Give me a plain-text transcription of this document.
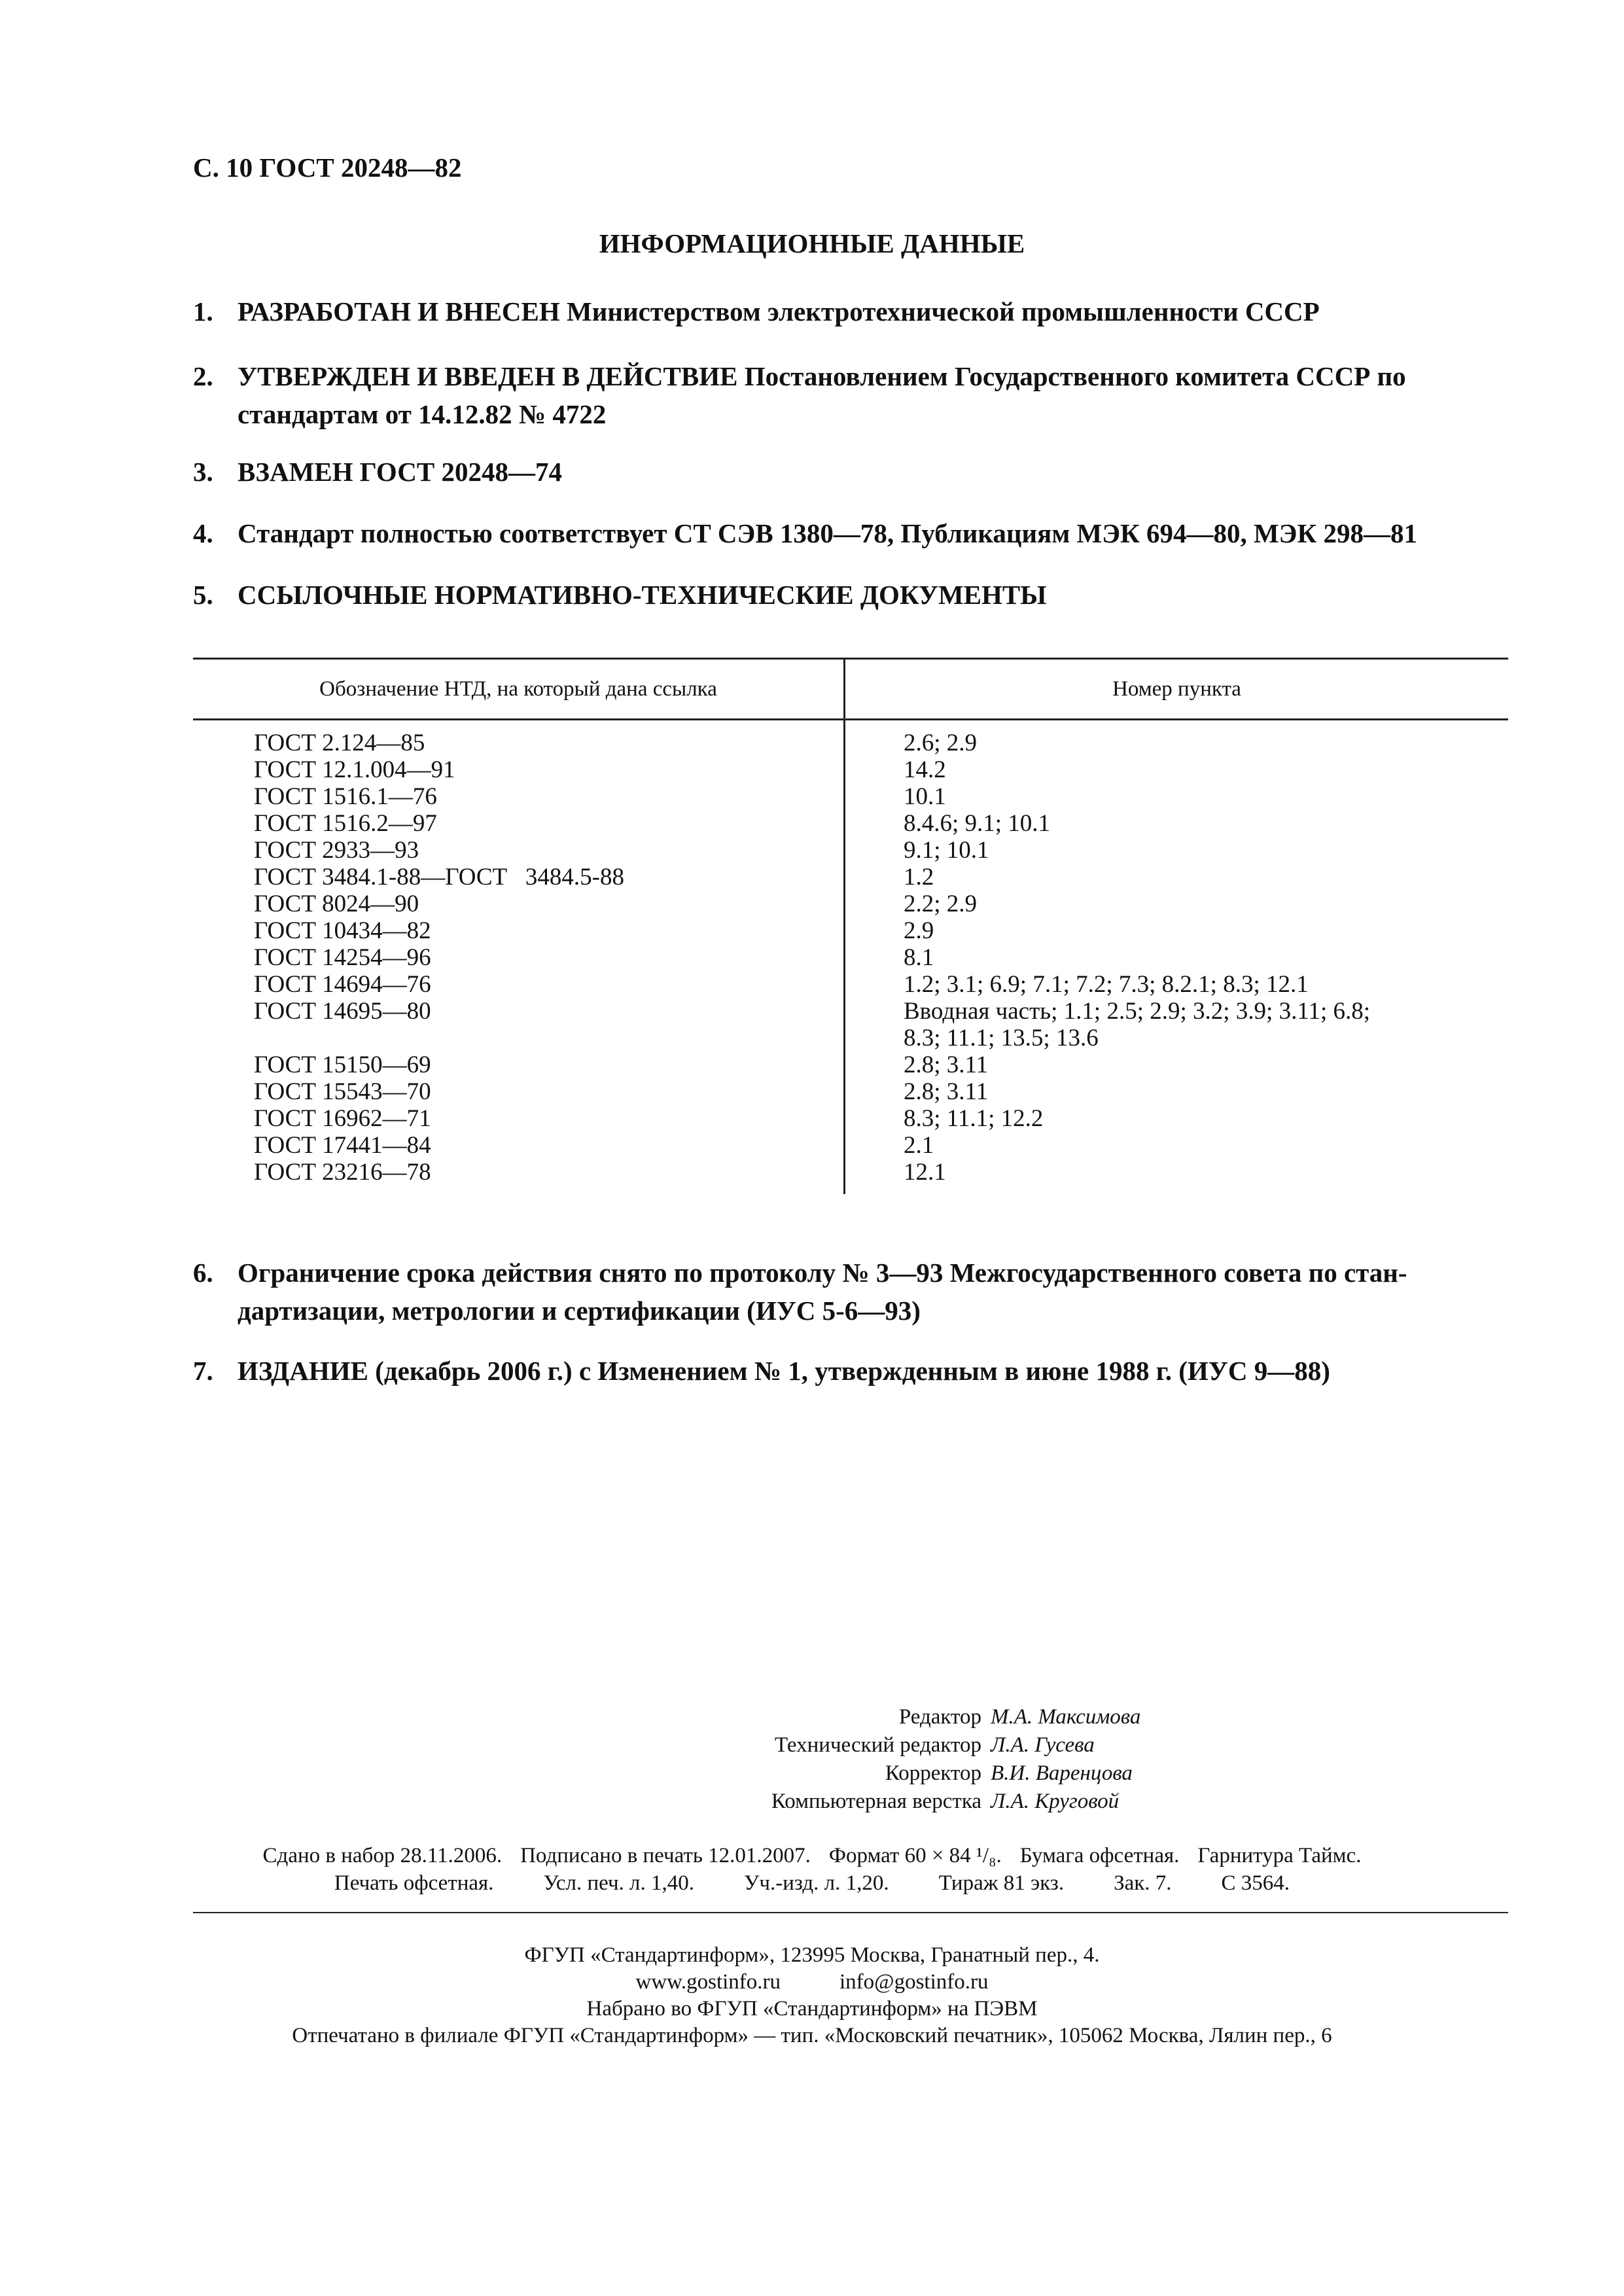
С. 10 ГОСТ 20248—82
ИНФОРМАЦИОННЫЕ ДАННЫЕ
1. РАЗРАБОТАН И ВНЕСЕН Министерством электротехнической промышленности СССР
2. УТВЕРЖДЕН И ВВЕДЕН В ДЕЙСТВИЕ Постановлением Государственного комитета СССР по стандартам от 14.12.82 № 4722
3. ВЗАМЕН ГОСТ 20248—74
4. Стандарт полностью соответствует СТ СЭВ 1380—78, Публикациям МЭК 694—80, МЭК 298—81
5. ССЫЛОЧНЫЕ НОРМАТИВНО-ТЕХНИЧЕСКИЕ ДОКУМЕНТЫ
Обозначение НТД, на который дана ссылка	Номер пункта
ГОСТ 2.124—85	2.6; 2.9
ГОСТ 12.1.004—91	14.2
ГОСТ 1516.1—76	10.1
ГОСТ 1516.2—97	8.4.6; 9.1; 10.1
ГОСТ 2933—93	9.1; 10.1
ГОСТ 3484.1-88—ГОСТ   3484.5-88	1.2
ГОСТ 8024—90	2.2; 2.9
ГОСТ 10434—82	2.9
ГОСТ 14254—96	8.1
ГОСТ 14694—76	1.2; 3.1; 6.9; 7.1; 7.2; 7.3; 8.2.1; 8.3; 12.1
ГОСТ 14695—80	Вводная часть; 1.1; 2.5; 2.9; 3.2; 3.9; 3.11; 6.8;
8.3; 11.1; 13.5; 13.6
ГОСТ 15150—69	2.8; 3.11
ГОСТ 15543—70	2.8; 3.11
ГОСТ 16962—71	8.3; 11.1; 12.2
ГОСТ 17441—84	2.1
ГОСТ 23216—78	12.1
6. Ограничение срока действия снято по протоколу № 3—93 Межгосударственного совета по стан-дартизации, метрологии и сертификации (ИУС 5-6—93)
7. ИЗДАНИЕ (декабрь 2006 г.) с Изменением № 1, утвержденным в июне 1988 г. (ИУС 9—88)
Редактор М.А. Максимова
Технический редактор Л.А. Гусева
Корректор В.И. Варенцова
Компьютерная верстка Л.А. Круговой
Сдано в набор 28.11.2006. Подписано в печать 12.01.2007. Формат 60 × 84 ¹/₈. Бумага офсетная. Гарнитура Таймс.
Печать офсетная. Усл. печ. л. 1,40. Уч.-изд. л. 1,20. Тираж 81 экз. Зак. 7. С 3564.
ФГУП «Стандартинформ», 123995 Москва, Гранатный пер., 4.
www.gostinfo.ru	info@gostinfo.ru
Набрано во ФГУП «Стандартинформ» на ПЭВМ
Отпечатано в филиале ФГУП «Стандартинформ» — тип. «Московский печатник», 105062 Москва, Лялин пер., 6
